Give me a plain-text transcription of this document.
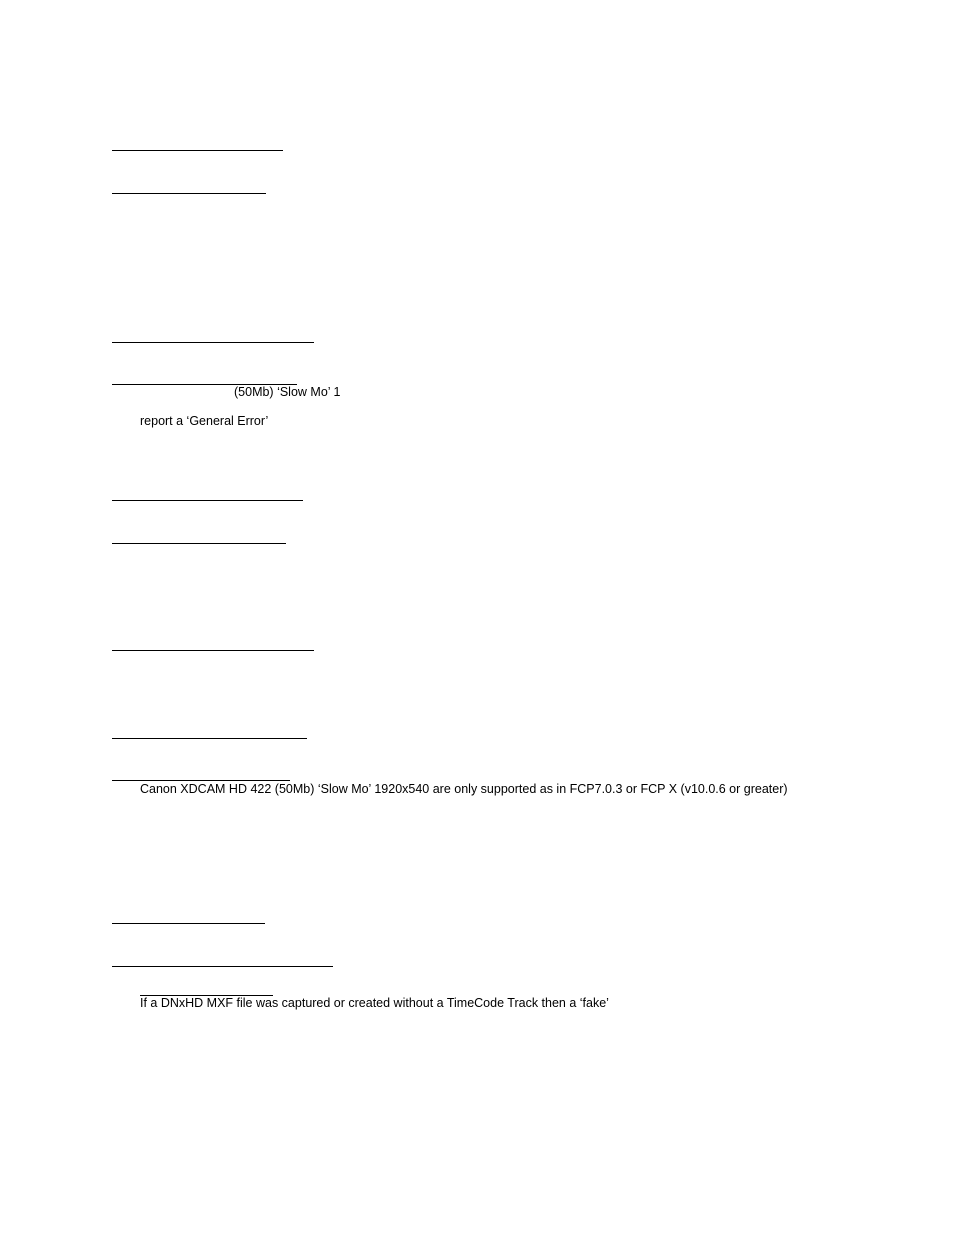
(50Mb) ‘Slow Mo’ 1
report a ‘General Error’
Canon XDCAM HD 422 (50Mb) ‘Slow Mo’ 1920x540 are only supported as in FCP7.0.3 or FCP X (v10.0.6 or greater)
If a DNxHD MXF file was captured or created without a TimeCode Track then a ‘fake’
